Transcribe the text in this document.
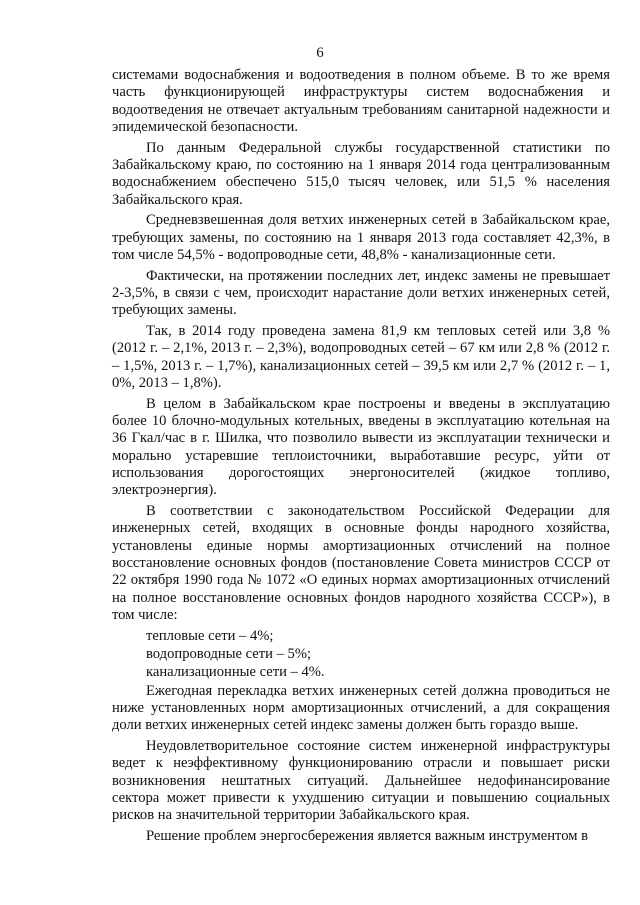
6

системами водоснабжения и водоотведения в полном объеме. В то же время часть функционирующей инфраструктуры систем водоснабжения и водоотведения не отвечает актуальным требованиям санитарной надежности и эпидемической безопасности.

По данным Федеральной службы государственной статистики по Забайкальскому краю, по состоянию на 1 января 2014 года централизованным водоснабжением обеспечено 515,0 тысяч человек, или 51,5 % населения Забайкальского края.

Средневзвешенная доля ветхих инженерных сетей в Забайкальском крае, требующих замены, по состоянию на 1 января 2013 года составляет 42,3%, в том числе 54,5% - водопроводные сети, 48,8% - канализационные сети.

Фактически, на протяжении последних лет, индекс замены не превышает 2-3,5%, в связи с чем, происходит нарастание доли ветхих инженерных сетей, требующих замены.

Так, в 2014 году проведена замена 81,9 км тепловых сетей или 3,8 % (2012 г. – 2,1%, 2013 г. – 2,3%), водопроводных сетей – 67 км или 2,8 % (2012 г. – 1,5%, 2013 г. – 1,7%), канализационных сетей – 39,5 км или 2,7 % (2012 г. – 1, 0%, 2013 – 1,8%).

В целом в Забайкальском крае построены и введены в эксплуатацию более 10 блочно-модульных котельных, введены в эксплуатацию котельная на 36 Гкал/час в г. Шилка, что позволило вывести из эксплуатации технически и морально устаревшие теплоисточники, выработавшие ресурс, уйти от использования дорогостоящих энергоносителей (жидкое топливо, электроэнергия).

В соответствии с законодательством Российской Федерации для инженерных сетей, входящих в основные фонды народного хозяйства, установлены единые нормы амортизационных отчислений на полное восстановление основных фондов (постановление Совета министров СССР от 22 октября 1990 года № 1072 «О единых нормах амортизационных отчислений на полное восстановление основных фондов народного хозяйства СССР»), в том числе:

тепловые сети – 4%;

водопроводные сети – 5%;

канализационные сети – 4%.

Ежегодная перекладка ветхих инженерных сетей должна проводиться не ниже установленных норм амортизационных отчислений, а для сокращения доли ветхих инженерных сетей индекс замены должен быть гораздо выше.

Неудовлетворительное состояние систем инженерной инфраструктуры ведет к неэффективному функционированию отрасли и повышает риски возникновения нештатных ситуаций. Дальнейшее недофинансирование сектора может привести к ухудшению ситуации и повышению социальных рисков на значительной территории Забайкальского края.

Решение проблем энергосбережения является важным инструментом в
